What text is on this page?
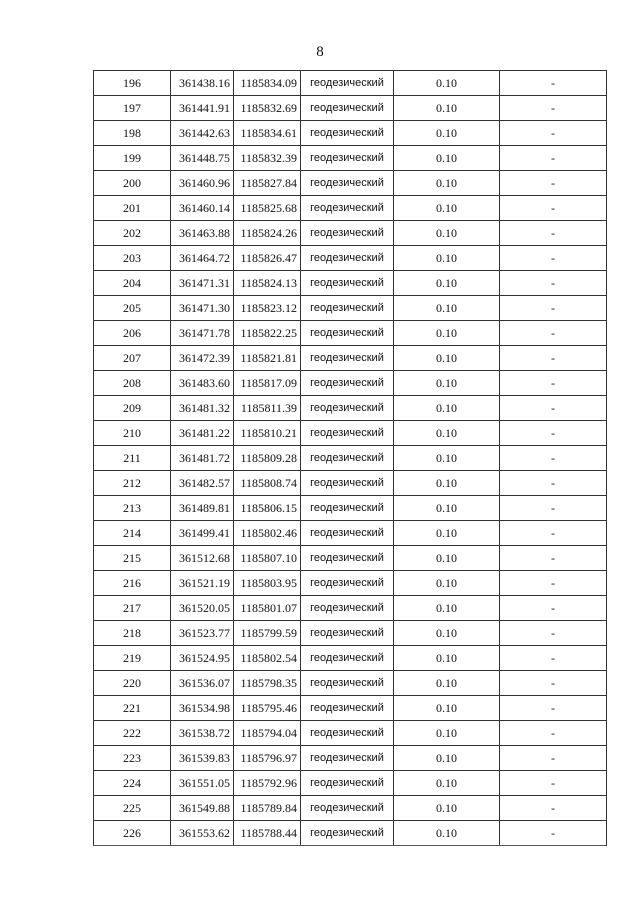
8
196	361438.16	1185834.09	геодезический	0.10	-
197	361441.91	1185832.69	геодезический	0.10	-
198	361442.63	1185834.61	геодезический	0.10	-
199	361448.75	1185832.39	геодезический	0.10	-
200	361460.96	1185827.84	геодезический	0.10	-
201	361460.14	1185825.68	геодезический	0.10	-
202	361463.88	1185824.26	геодезический	0.10	-
203	361464.72	1185826.47	геодезический	0.10	-
204	361471.31	1185824.13	геодезический	0.10	-
205	361471.30	1185823.12	геодезический	0.10	-
206	361471.78	1185822.25	геодезический	0.10	-
207	361472.39	1185821.81	геодезический	0.10	-
208	361483.60	1185817.09	геодезический	0.10	-
209	361481.32	1185811.39	геодезический	0.10	-
210	361481.22	1185810.21	геодезический	0.10	-
211	361481.72	1185809.28	геодезический	0.10	-
212	361482.57	1185808.74	геодезический	0.10	-
213	361489.81	1185806.15	геодезический	0.10	-
214	361499.41	1185802.46	геодезический	0.10	-
215	361512.68	1185807.10	геодезический	0.10	-
216	361521.19	1185803.95	геодезический	0.10	-
217	361520.05	1185801.07	геодезический	0.10	-
218	361523.77	1185799.59	геодезический	0.10	-
219	361524.95	1185802.54	геодезический	0.10	-
220	361536.07	1185798.35	геодезический	0.10	-
221	361534.98	1185795.46	геодезический	0.10	-
222	361538.72	1185794.04	геодезический	0.10	-
223	361539.83	1185796.97	геодезический	0.10	-
224	361551.05	1185792.96	геодезический	0.10	-
225	361549.88	1185789.84	геодезический	0.10	-
226	361553.62	1185788.44	геодезический	0.10	-
